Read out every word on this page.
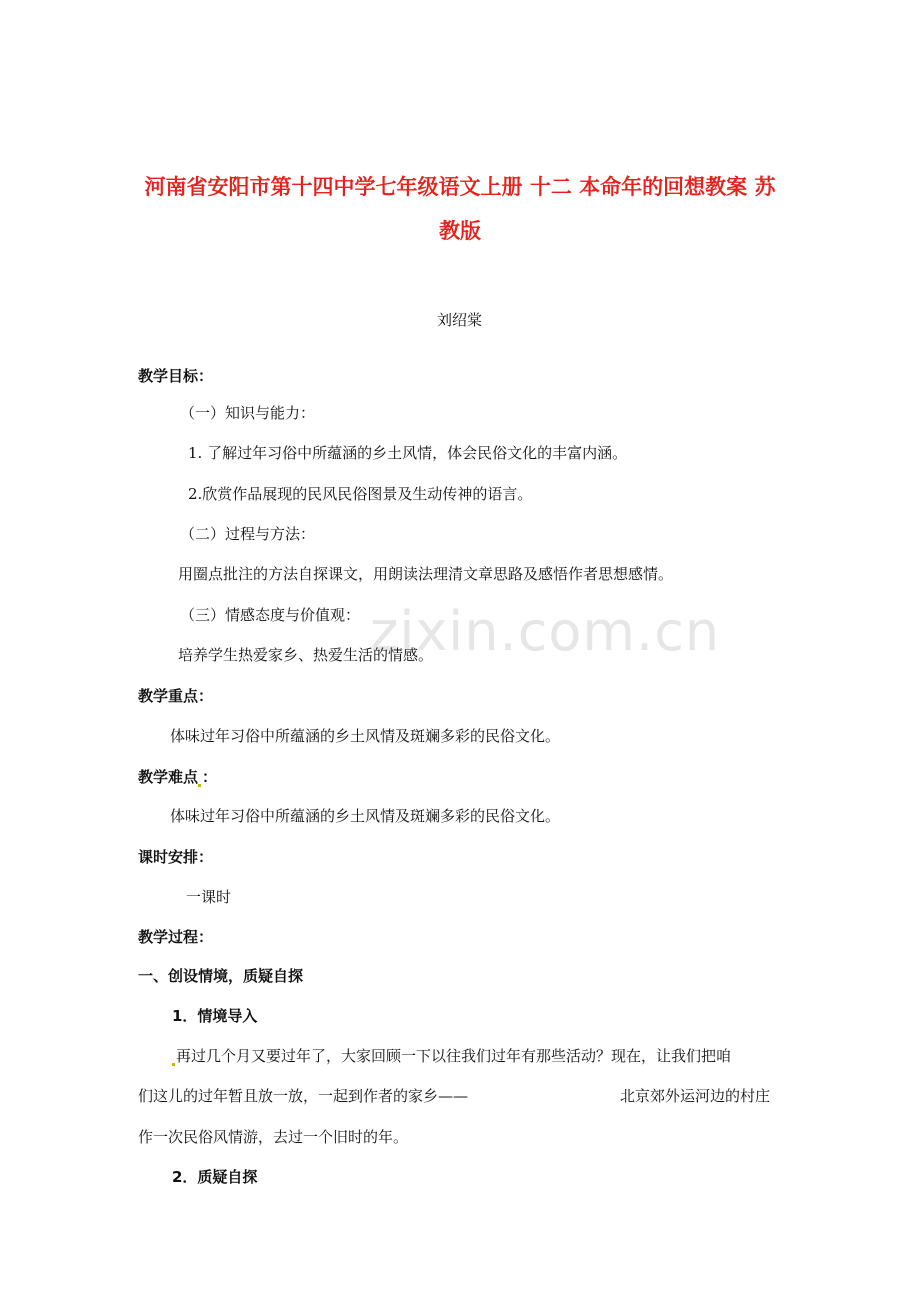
zixin.com.cn
河南省安阳市第十四中学七年级语文上册 十二 本命年的回想教案 苏
教版
刘绍棠
教学目标：
（一）知识与能力：
1. 了解过年习俗中所蕴涵的乡土风情，体会民俗文化的丰富内涵。
2.欣赏作品展现的民风民俗图景及生动传神的语言。
（二）过程与方法：
用圈点批注的方法自探课文，用朗读法理清文章思路及感悟作者思想感情。
（三）情感态度与价值观：
培养学生热爱家乡、热爱生活的情感。
教学重点：
体味过年习俗中所蕴涵的乡土风情及斑斓多彩的民俗文化。
教学难点 ：
体味过年习俗中所蕴涵的乡土风情及斑斓多彩的民俗文化。
课时安排：
一课时
教学过程：
一、创设情境，质疑自探
1．情境导入
再过几个月又要过年了，大家回顾一下以往我们过年有那些活动？现在，让我们把咱
们这儿的过年暂且放一放，一起到作者的家乡——	北京郊外运河边的村庄
作一次民俗风情游，去过一个旧时的年。
2．质疑自探
